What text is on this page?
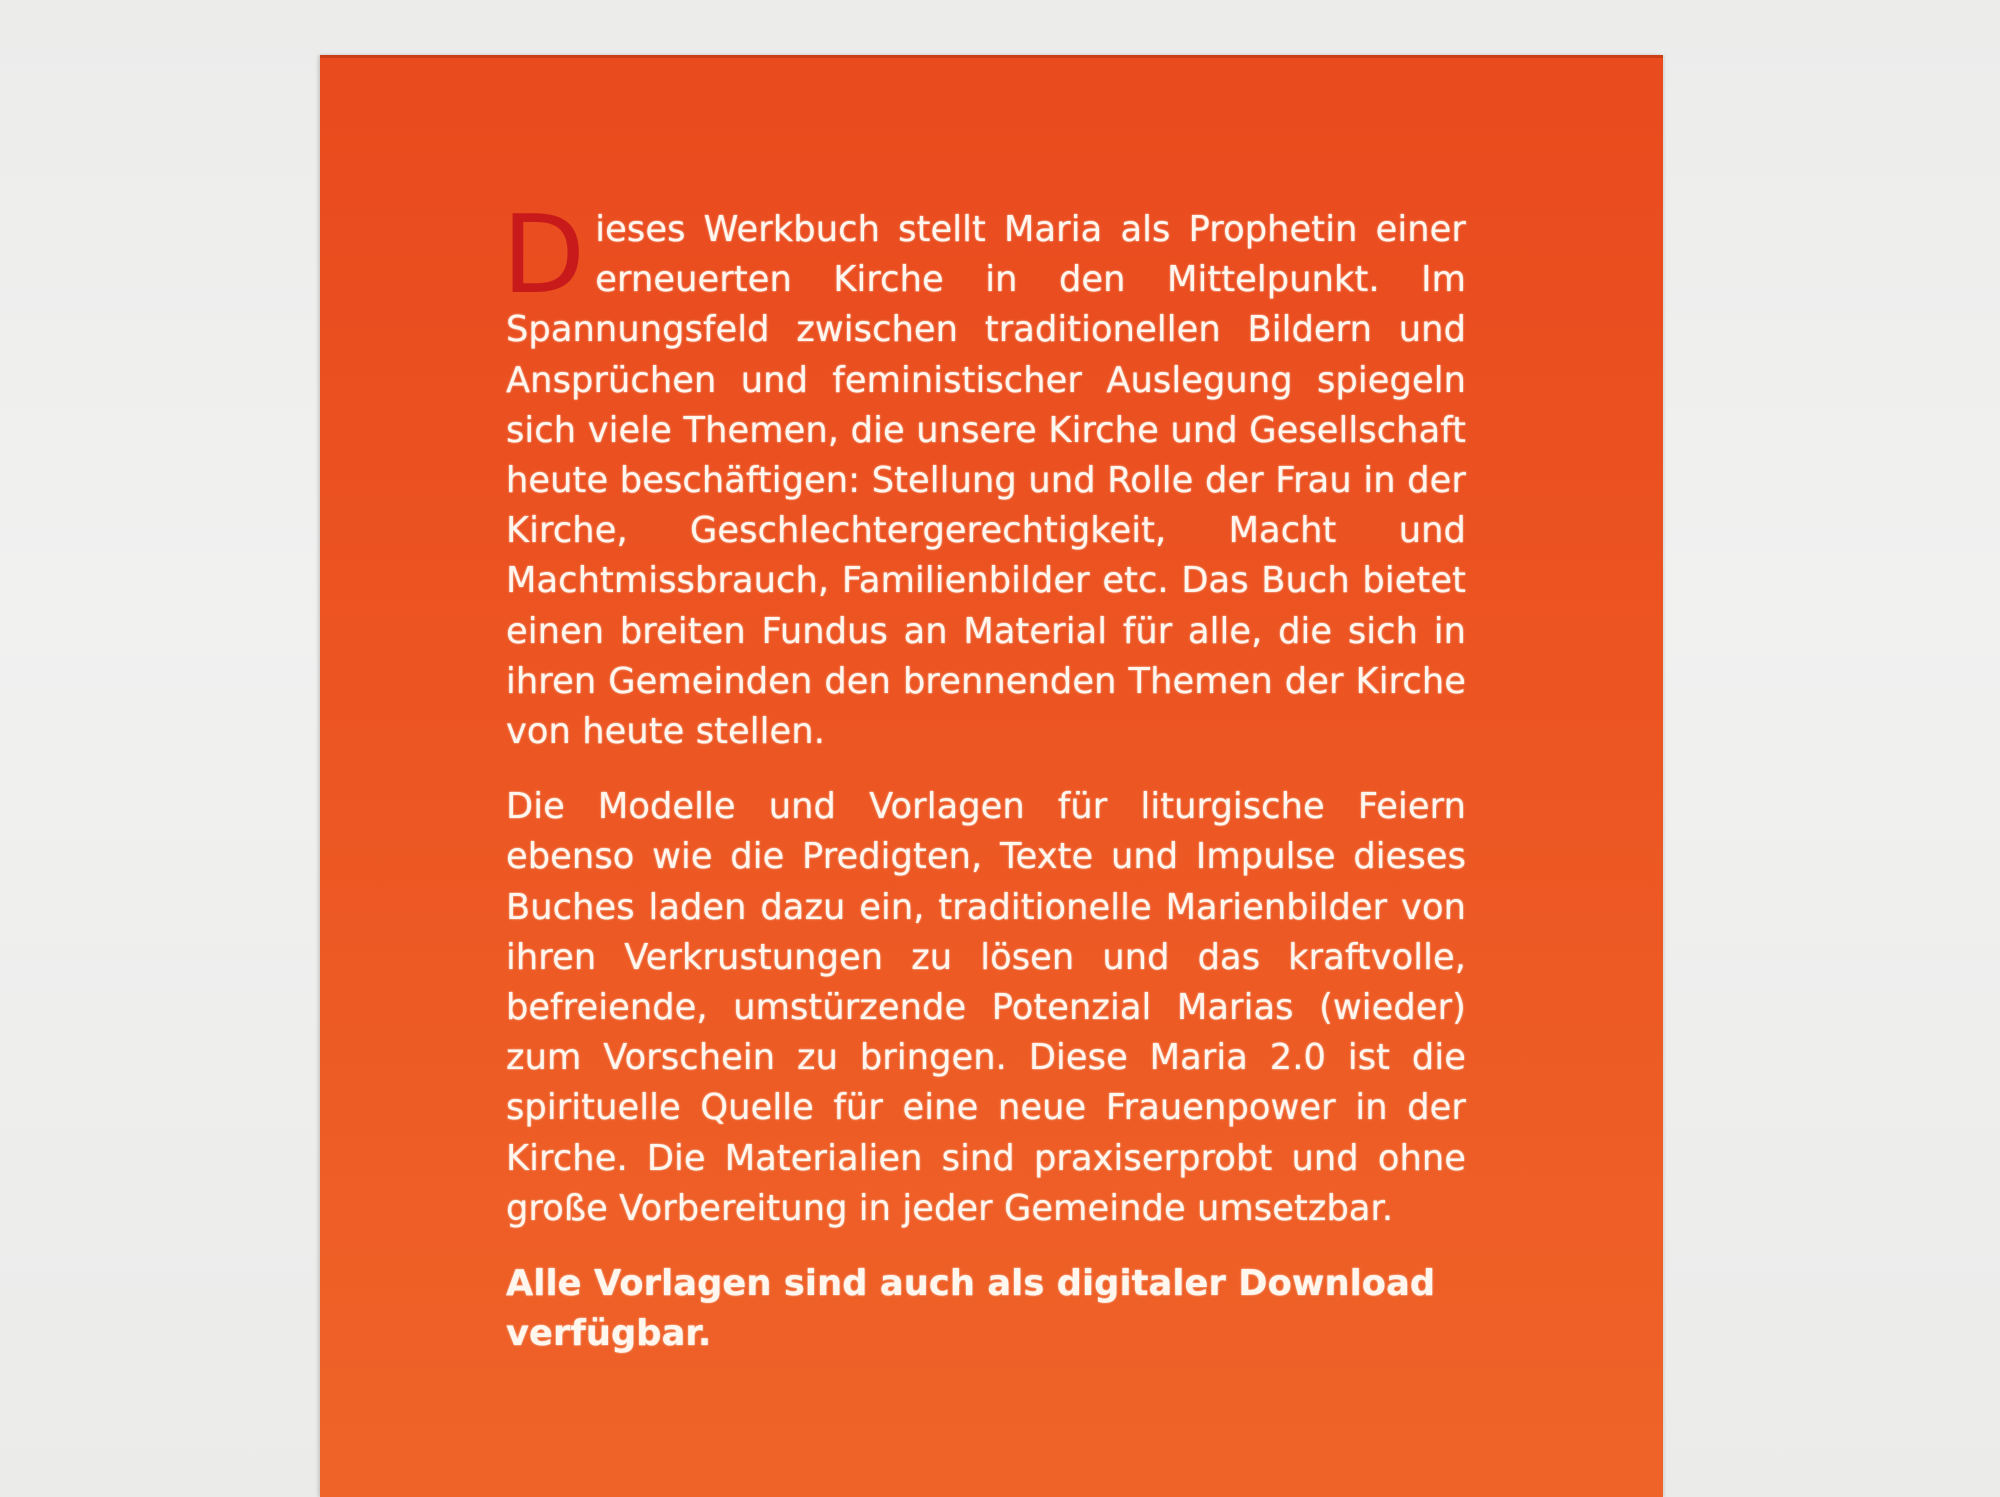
Dieses Werkbuch stellt Maria als Prophetin einer erneuerten Kirche in den Mittelpunkt. Im Spannungsfeld zwischen traditionellen Bildern und Ansprüchen und feministischer Auslegung spiegeln sich viele Themen, die unsere Kirche und Gesellschaft heute beschäftigen: Stellung und Rolle der Frau in der Kirche, Geschlechtergerechtigkeit, Macht und Machtmissbrauch, Familienbilder etc. Das Buch bietet einen breiten Fundus an Material für alle, die sich in ihren Gemeinden den brennenden Themen der Kirche von heute stellen.

Die Modelle und Vorlagen für liturgische Feiern ebenso wie die Predigten, Texte und Impulse dieses Buches laden dazu ein, traditionelle Marienbilder von ihren Verkrustungen zu lösen und das kraftvolle, befreiende, umstürzende Potenzial Marias (wieder) zum Vorschein zu bringen. Diese Maria 2.0 ist die spirituelle Quelle für eine neue Frauenpower in der Kirche. Die Materialien sind praxiserprobt und ohne große Vorbereitung in jeder Gemeinde umsetzbar.

Alle Vorlagen sind auch als digitaler Download verfügbar.
